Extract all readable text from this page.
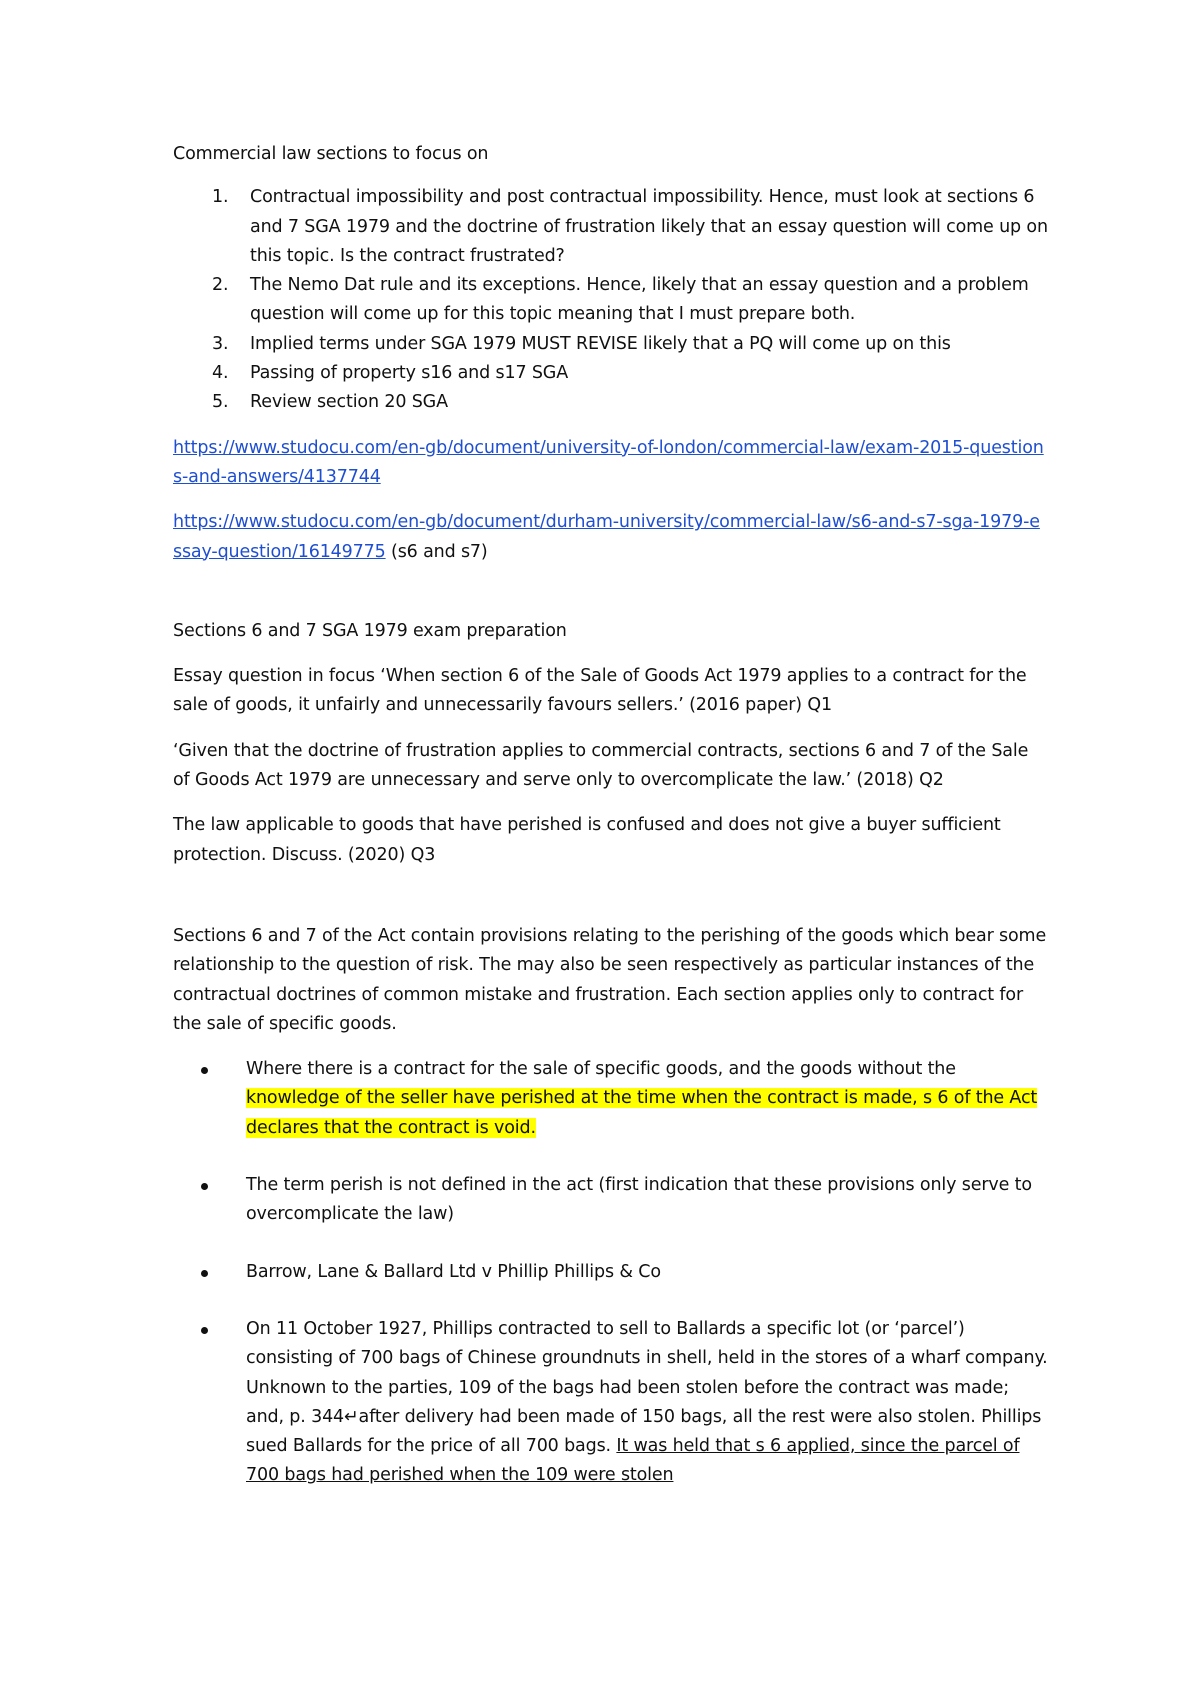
Commercial law sections to focus on

1. Contractual impossibility and post contractual impossibility. Hence, must look at sections 6 and 7 SGA 1979 and the doctrine of frustration likely that an essay question will come up on this topic. Is the contract frustrated?
2. The Nemo Dat rule and its exceptions. Hence, likely that an essay question and a problem question will come up for this topic meaning that I must prepare both.
3. Implied terms under SGA 1979 MUST REVISE likely that a PQ will come up on this
4. Passing of property s16 and s17 SGA
5. Review section 20 SGA

https://www.studocu.com/en-gb/document/university-of-london/commercial-law/exam-2015-questions-and-answers/4137744

https://www.studocu.com/en-gb/document/durham-university/commercial-law/s6-and-s7-sga-1979-essay-question/16149775 (s6 and s7)

Sections 6 and 7 SGA 1979 exam preparation

Essay question in focus ‘When section 6 of the Sale of Goods Act 1979 applies to a contract for the sale of goods, it unfairly and unnecessarily favours sellers.’ (2016 paper) Q1

‘Given that the doctrine of frustration applies to commercial contracts, sections 6 and 7 of the Sale of Goods Act 1979 are unnecessary and serve only to overcomplicate the law.’ (2018) Q2

The law applicable to goods that have perished is confused and does not give a buyer sufficient protection. Discuss. (2020) Q3

Sections 6 and 7 of the Act contain provisions relating to the perishing of the goods which bear some relationship to the question of risk. The may also be seen respectively as particular instances of the contractual doctrines of common mistake and frustration. Each section applies only to contract for the sale of specific goods.

Where there is a contract for the sale of specific goods, and the goods without the knowledge of the seller have perished at the time when the contract is made, s 6 of the Act declares that the contract is void.
The term perish is not defined in the act (first indication that these provisions only serve to overcomplicate the law)
Barrow, Lane & Ballard Ltd v Phillip Phillips & Co
On 11 October 1927, Phillips contracted to sell to Ballards a specific lot (or ‘parcel’) consisting of 700 bags of Chinese groundnuts in shell, held in the stores of a wharf company. Unknown to the parties, 109 of the bags had been stolen before the contract was made; and, p. 344↵after delivery had been made of 150 bags, all the rest were also stolen. Phillips sued Ballards for the price of all 700 bags. It was held that s 6 applied, since the parcel of 700 bags had perished when the 109 were stolen
